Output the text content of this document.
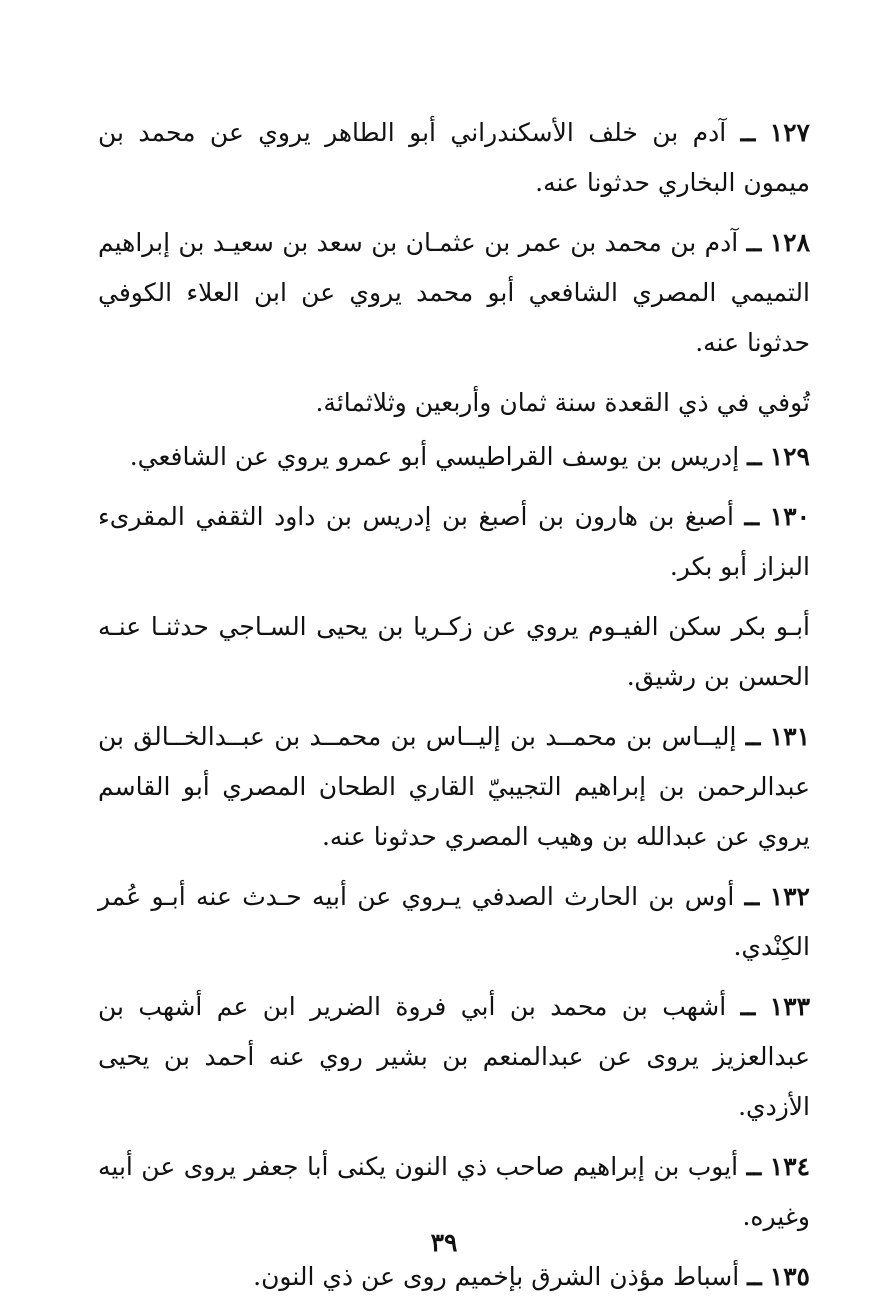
١٢٧ ــ آدم بن خلف الأسكندراني أبو الطاهر يروي عن محمد بن ميمون البخاري حدثونا عنه.

١٢٨ ــ آدم بن محمد بن عمر بن عثمـان بن سعد بن سعيـد بن إبراهيم التميمي المصري الشافعي أبو محمد يروي عن ابن العلاء الكوفي حدثونا عنه.

تُوفي في ذي القعدة سنة ثمان وأربعين وثلاثمائة.

١٢٩ ــ إدريس بن يوسف القراطيسي أبو عمرو يروي عن الشافعي.

١٣٠ ــ أصبغ بن هارون بن أصبغ بن إدريس بن داود الثقفي المقرىء البزاز أبو بكر.

أبـو بكر سكن الفيـوم يروي عن زكـريا بن يحيى السـاجي حدثنـا عنـه الحسن بن رشيق.

١٣١ ــ إليــاس بن محمــد بن إليــاس بن محمــد بن عبــدالخــالق بن عبدالرحمن بن إبراهيم التجيبيّ القاري الطحان المصري أبو القاسم يروي عن عبدالله بن وهيب المصري حدثونا عنه.

١٣٢ ــ أوس بن الحارث الصدفي يـروي عن أبيه حـدث عنه أبـو عُمر الكِنْدي.

١٣٣ ــ أشهب بن محمد بن أبي فروة الضرير ابن عم أشهب بن عبدالعزيز يروى عن عبدالمنعم بن بشير روي عنه أحمد بن يحيى الأزدي.

١٣٤ ــ أيوب بن إبراهيم صاحب ذي النون يكنى أبا جعفر يروى عن أبيه وغيره.

١٣٥ ــ أسباط مؤذن الشرق بإخميم روى عن ذي النون.

٣٩
